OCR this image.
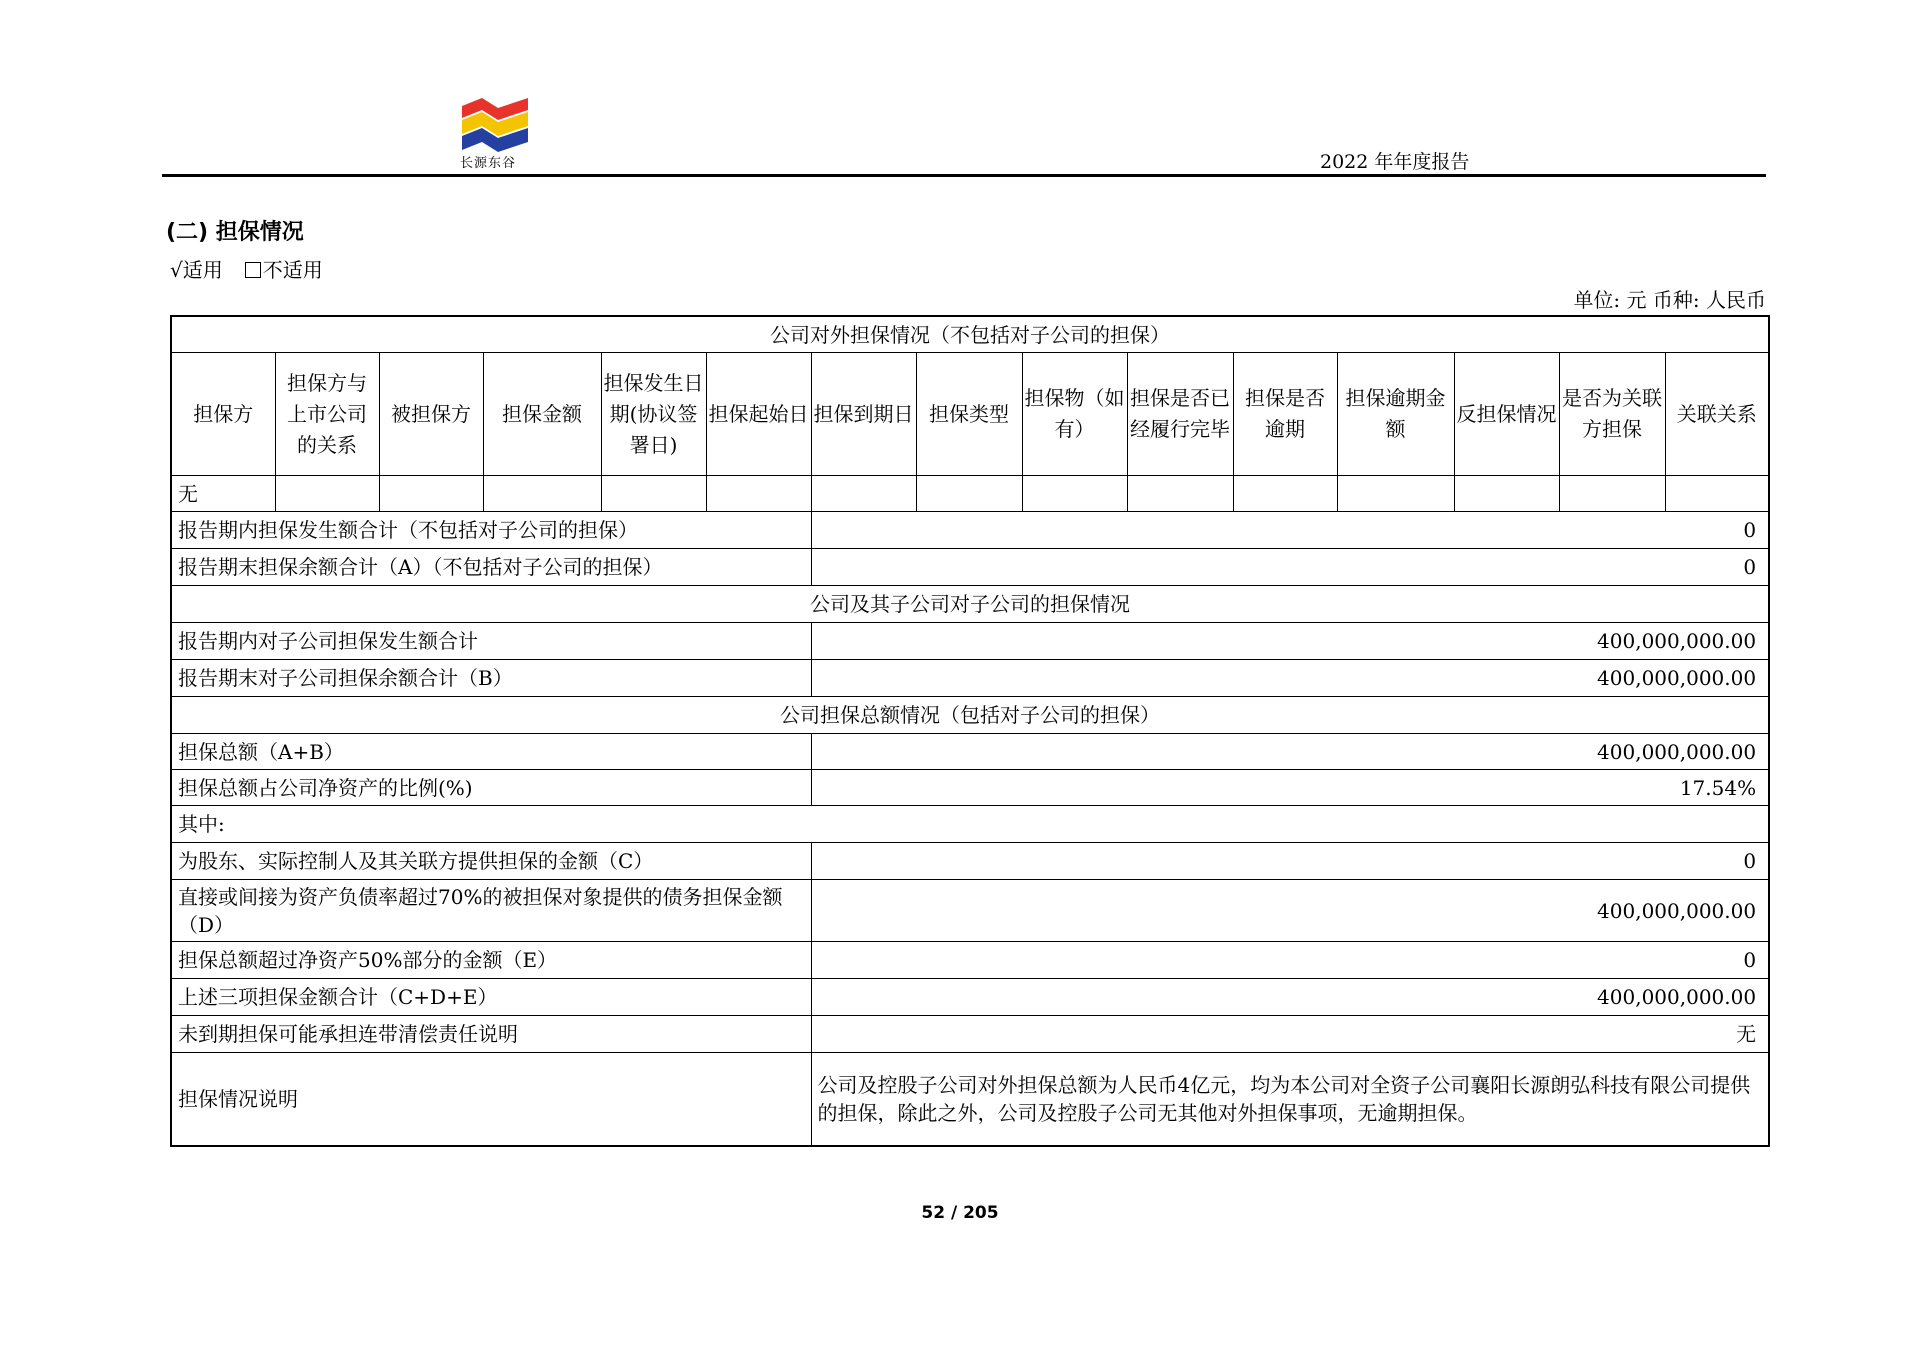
长源东谷	2022 年年度报告
(二) 担保情况
√适用 不适用
单位: 元 币种: 人民币
公司对外担保情况（不包括对子公司的担保）														
担保方	担保方与上市公司的关系	被担保方	担保金额	担保发生日期(协议签署日)	担保起始日	担保到期日	担保类型	担保物（如有）	担保是否已经履行完毕	担保是否逾期	担保逾期金额	反担保情况	是否为关联方担保	关联关系
无														
报告期内担保发生额合计（不包括对子公司的担保）						0								
报告期末担保余额合计（A）（不包括对子公司的担保）						0								
公司及其子公司对子公司的担保情况														
报告期内对子公司担保发生额合计						400,000,000.00								
报告期末对子公司担保余额合计（B）						400,000,000.00								
公司担保总额情况（包括对子公司的担保）														
担保总额（A+B）						400,000,000.00								
担保总额占公司净资产的比例(%)						17.54%								
其中:														
为股东、实际控制人及其关联方提供担保的金额（C）						0								
直接或间接为资产负债率超过70%的被担保对象提供的债务担保金额（D）						400,000,000.00								
担保总额超过净资产50%部分的金额（E）						0								
上述三项担保金额合计（C+D+E）						400,000,000.00								
未到期担保可能承担连带清偿责任说明						无								
担保情况说明						公司及控股子公司对外担保总额为人民币4亿元，均为本公司对全资子公司襄阳长源朗弘科技有限公司提供的担保，除此之外，公司及控股子公司无其他对外担保事项，无逾期担保。								
52 / 205
